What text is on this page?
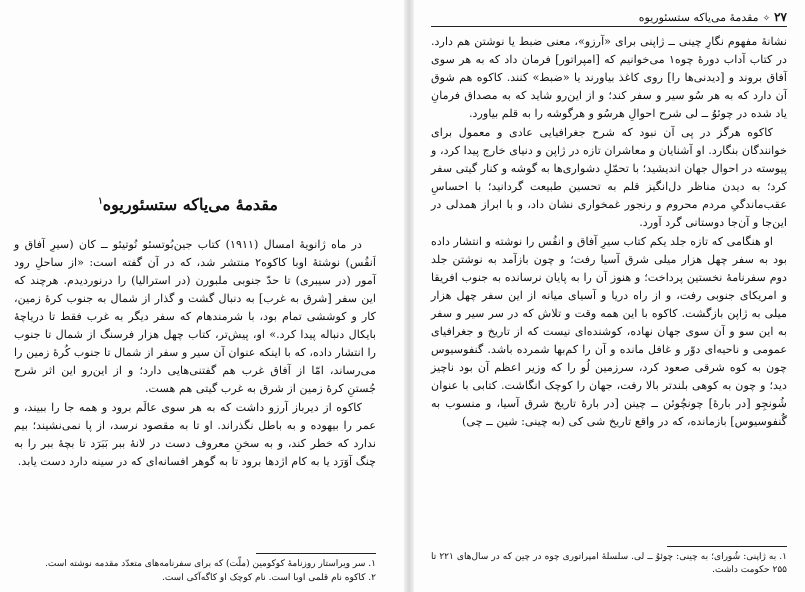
مقدمهٔ می‌یاکه ستسئوریوه$^۱$

در ماه ژانویهٔ امسال (۱۹۱۱) کتاب جین‌بُوتسئو نُوتیئو ــ کان (سیرِ آفاق و اَنفُس) نوشتهٔ اوبا کاکوه۲ منتشر شد، که در آن گفته است: «از ساحلِ رود آمور (در سیبری) تا حدّ جنوبی ملبورن (در استرالیا) را درنوردیدم. هرچند که این سفر [شرق به غرب] به دنبال گشت و گذار از شمال به جنوب کرهٔ زمین، کار و کوششی تمام بود، با شرمندهام که سفر دیگر به غرب فقط تا دریاچهٔ بایکال دنباله پیدا کرد.» او، پیش‌تر، کتاب چهل هزار فرسنگ از شمال تا جنوب را انتشار داده، که با اینکه عنوان آن سیر و سفر از شمال تا جنوب کُرهٔ زمین را می‌رساند، امّا از آفاق غرب هم گفتنی‌هایی دارد؛ و از این‌رو این اثر شرح جُستنِ کرهٔ زمین از شرق به غرب گیتی هم هست.

کاکوه از دیرباز آرزو داشت که به هر سوی عالَم برود و همه جا را ببیند، و عمر را بیهوده و به باطل نگذراند. او تا به مقصود نرسد، از پا نمی‌نشیند؛ بیم ندارد که خطر کند، و به سخنِ معروف دست در لانهٔ ببر بَبَرَد تا بچهٔ ببر را به چنگ آوَرَد یا به کام اژدها برود تا به گوهر افسانه‌ای که در سینه دارد دست یابد.

۱. سر ویراستار روزنامهٔ کوکومین (ملّت) که برای سفرنامه‌های متعدّد مقدمه نوشته است.
۲. کاکوه نام قلمی اوبا است. نام کوچک او کاگه‌آکی است.
۲۷✧مقدمهٔ می‌یاکه ستسئوریوه

نشانهٔ مفهوم نگارِ چینی ــ ژاپنی برای «آرزو»، معنی ضبط یا نوشتن هم دارد. در کتاب آداب دورهٔ چوه۱ می‌خوانیم که [امپراتور] فرمان داد که به هر سوی آفاق بروند و [دیدنی‌ها را] روی کاغذ بیاورند یا «ضبط» کنند. کاکوه هم شوق آن دارد که به هر سُو سیر و سفر کند؛ و از این‌رو شاید که به مصداق فرمانِ یاد شده در چوئوُ ــ لی شرح احوالِ هرسُو و هرگوشه را به قلم بیاورد.

کاکوه هرگز در پی آن نبود که شرح جغرافیایی عادی و معمول برای خوانندگان بنگارد. او آشنایان و معاشران تازه در ژاپن و دنیای خارج پیدا کرد، و پیوسته در احوال جهان اندیشید؛ با تحمّلِ دشواری‌ها به گوشه و کنار گیتی سفر کرد؛ به دیدن مناظر دل‌انگیز قلم به تحسین طبیعت گردانید؛ با احساسِ عقب‌ماندگیِ مردم محروم و رنجور غمخواری نشان داد، و با ابراز همدلی در این‌جا و آن‌جا دوستانی گرد آورد.

او هنگامی که تازه جلد یکم کتاب سیرِ آفاق و انفُس را نوشته و انتشار داده بود به سفر چهل هزار میلی شرق آسیا رفت؛ و چون بازآمد به نوشتن جلد دوم سفرنامهٔ نخستین پرداخت؛ و هنوز آن را به پایان نرسانده به جنوب افریقا و امریکای جنوبی رفت، و از راه دریا و آسیای میانه از این سفر چهل هزار میلی به ژاپن بازگشت. کاکوه با این همه وقت و تلاش که در سر سیر و سفر به این سو و آن سوی جهان نهاده، کوشنده‌ای نیست که از تاریخ و جغرافیای عمومی و ناحیه‌ای دوّر و غافل مانده و آن را کم‌بها شمرده باشد. گنفوسیوس چون به کوه شرقی صعود کرد، سرزمین لُو را که وزیر اعظم آن بود ناچیز دید؛ و چون به کوهی بلندتر بالا رفت، جهان را کوچک انگاشت. کتابی با عنوان شُونجِو [در بارهٔ] چونچُوئن ــ چینن [در بارهٔ تاریخ شرق آسیا، و منسوب به گُنفوسیوس] بازمانده، که در واقع تاریخ شی کی (به چینی: شین ــ چی)

۱. به ژاپنی: شُورای؛ به چینی: چوئوُ ــ لی. سلسلهٔ امپراتوری چوه در چین که در سال‌های ۲۲۱ تا ۲۵۵ حکومت داشت.
